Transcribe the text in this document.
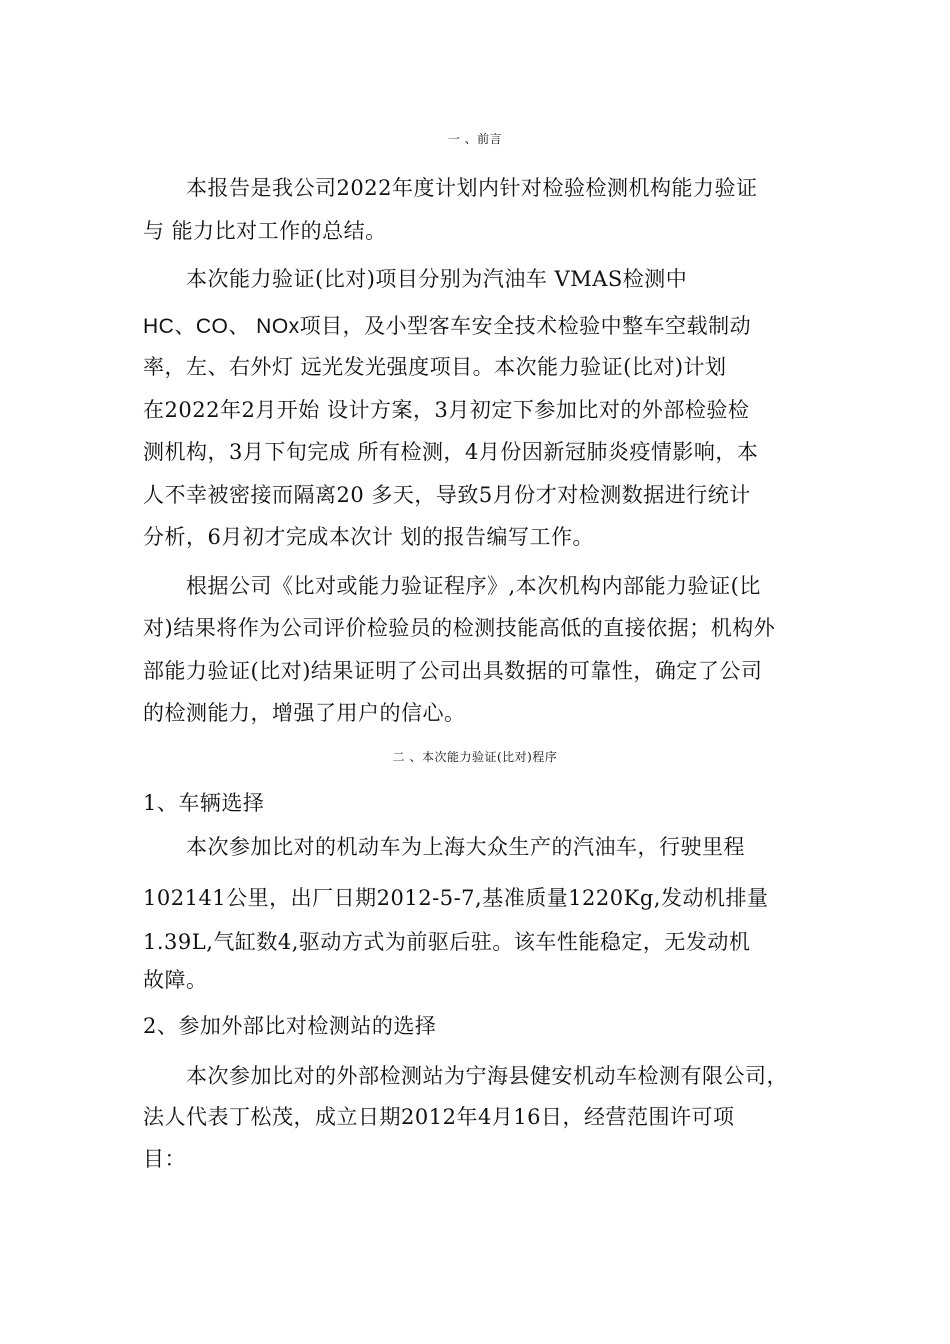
一 、前言
本报告是我公司2022年度计划内针对检验检测机构能力验证
与 能力比对工作的总结。
本次能力验证(比对)项目分别为汽油车 VMAS检测中
HC、CO、 NOx项目，及小型客车安全技术检验中整车空载制动
率，左、右外灯 远光发光强度项目。本次能力验证(比对)计划
在2022年2月开始 设计方案，3月初定下参加比对的外部检验检
测机构，3月下旬完成 所有检测，4月份因新冠肺炎疫情影响，本
人不幸被密接而隔离20 多天，导致5月份才对检测数据进行统计
分析，6月初才完成本次计 划的报告编写工作。
根据公司《比对或能力验证程序》,本次机构内部能力验证(比
对)结果将作为公司评价检验员的检测技能高低的直接依据；机构外
部能力验证(比对)结果证明了公司出具数据的可靠性，确定了公司
的检测能力，增强了用户的信心。
二 、本次能力验证(比对)程序
1、车辆选择
本次参加比对的机动车为上海大众生产的汽油车，行驶里程
102141公里，出厂日期2012-5-7,基准质量1220Kg,发动机排量
1.39L,气缸数4,驱动方式为前驱后驻。该车性能稳定，无发动机
故障。
2、参加外部比对检测站的选择
本次参加比对的外部检测站为宁海县健安机动车检测有限公司，
法人代表丁松茂，成立日期2012年4月16日，经营范围许可项
目：
